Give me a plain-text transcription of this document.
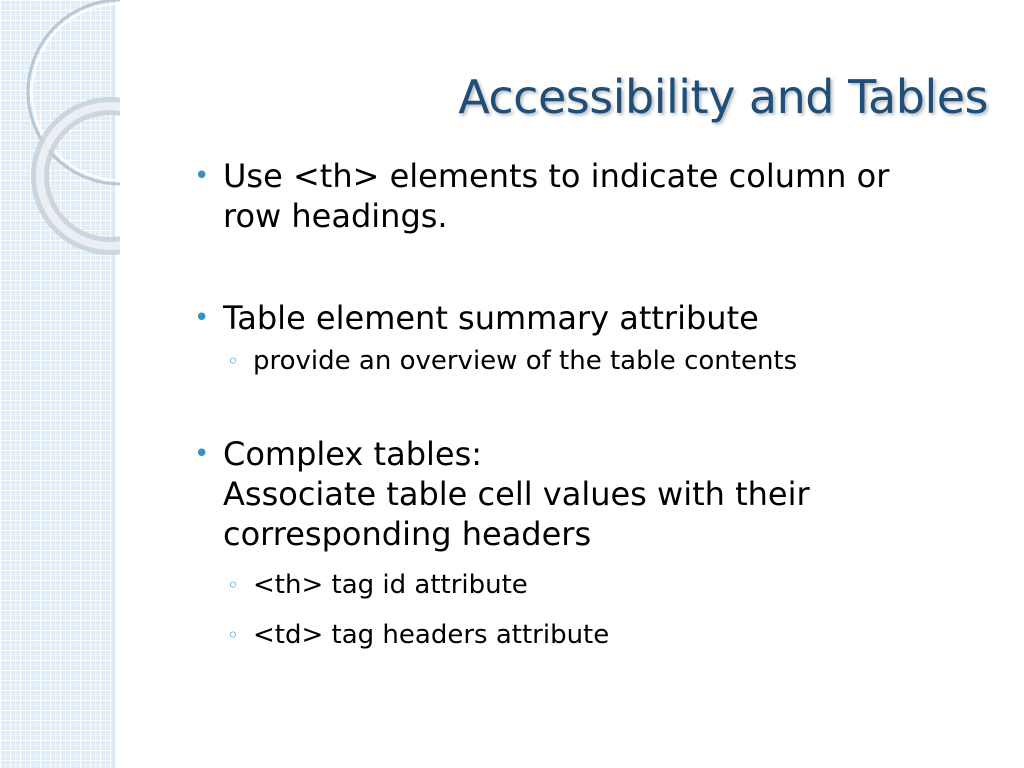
Accessibility and Tables
• Use <th> elements to indicate column or
row headings.
• Table element summary attribute
◦ provide an overview of the table contents
• Complex tables:
Associate table cell values with their
corresponding headers
◦ <th> tag id attribute
◦ <td> tag headers attribute
